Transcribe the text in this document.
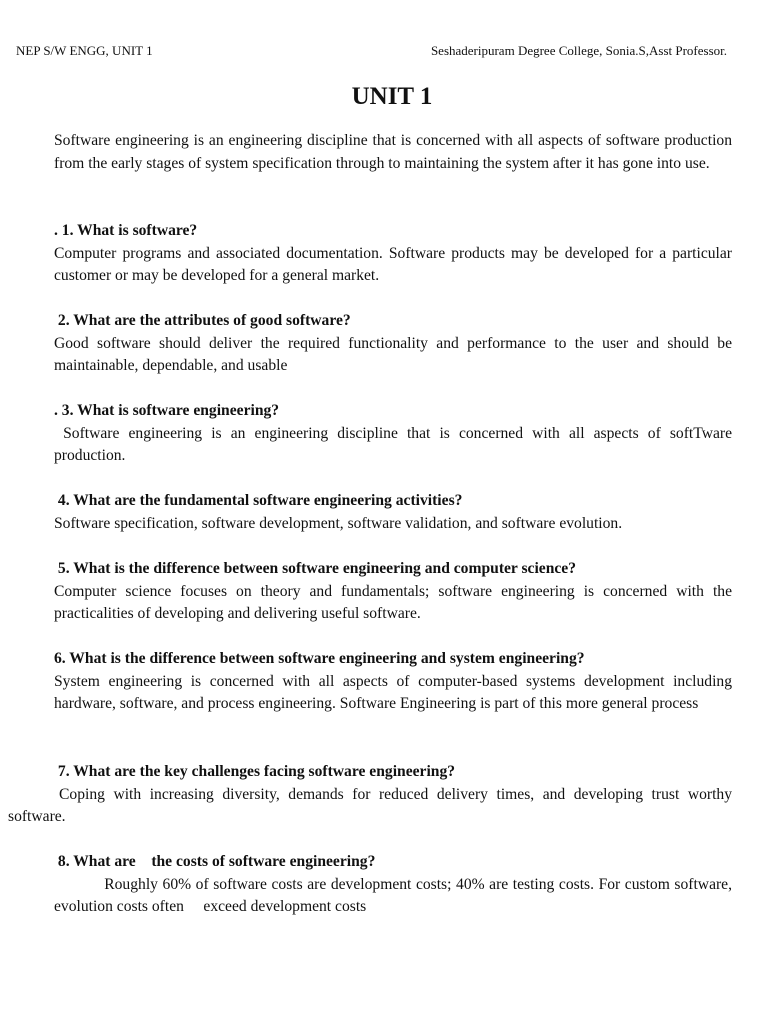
NEP S/W ENGG, UNIT 1	Seshaderipuram Degree College, Sonia.S,Asst Professor.
UNIT 1
Software engineering is an engineering discipline that is concerned with all aspects of software production from the early stages of system specification through to maintaining the system after it has gone into use.
. 1. What is software?
Computer programs and associated documentation. Software products may be developed for a particular customer or may be developed for a general market.
2. What are the attributes of good software?
Good software should deliver the required functionality and performance to the user and should be maintainable, dependable, and usable
. 3. What is software engineering?
Software engineering is an engineering discipline that is concerned with all aspects of softTware production.
4. What are the fundamental software engineering activities?
Software specification, software development, software validation, and software evolution.
5. What is the difference between software engineering and computer science?
Computer science focuses on theory and fundamentals; software engineering is concerned with the practicalities of developing and delivering useful software.
6. What is the difference between software engineering and system engineering?
System engineering is concerned with all aspects of computer-based systems development including hardware, software, and process engineering. Software Engineering is part of this more general process
7. What are the key challenges facing software engineering?
Coping with increasing diversity, demands for reduced delivery times, and developing trust worthy software.
8. What are    the costs of software engineering?
Roughly 60% of software costs are development costs; 40% are testing costs. For custom software, evolution costs often     exceed development costs
